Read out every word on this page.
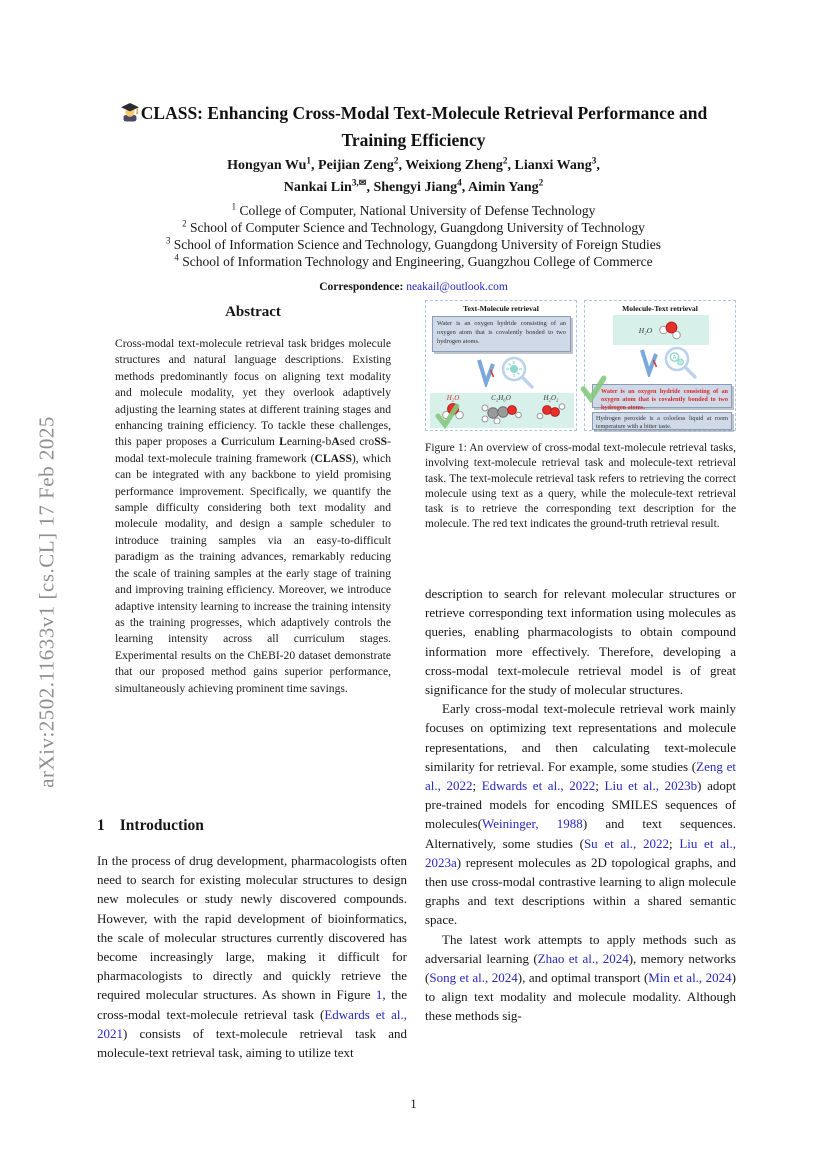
arXiv:2502.11633v1 [cs.CL] 17 Feb 2025
CLASS: Enhancing Cross-Modal Text-Molecule Retrieval Performance and Training Efficiency
Hongyan Wu$^1$, Peijian Zeng$^2$, Weixiong Zheng$^2$, Lianxi Wang$^3$,
Nankai Lin$^{3,✉}$, Shengyi Jiang$^4$, Aimin Yang$^2$
$^1$ College of Computer, National University of Defense Technology
$^2$ School of Computer Science and Technology, Guangdong University of Technology
$^3$ School of Information Science and Technology, Guangdong University of Foreign Studies
$^4$ School of Information Technology and Engineering, Guangzhou College of Commerce
Correspondence: neakail@outlook.com
Abstract
Cross-modal text-molecule retrieval task bridges molecule structures and natural language descriptions. Existing methods predominantly focus on aligning text modality and molecule modality, yet they overlook adaptively adjusting the learning states at different training stages and enhancing training efficiency. To tackle these challenges, this paper proposes a Curriculum Learning-bAsed croSS-modal text-molecule training framework (CLASS), which can be integrated with any backbone to yield promising performance improvement. Specifically, we quantify the sample difficulty considering both text modality and molecule modality, and design a sample scheduler to introduce training samples via an easy-to-difficult paradigm as the training advances, remarkably reducing the scale of training samples at the early stage of training and improving training efficiency. Moreover, we introduce adaptive intensity learning to increase the training intensity as the training progresses, which adaptively controls the learning intensity across all curriculum stages. Experimental results on the ChEBI-20 dataset demonstrate that our proposed method gains superior performance, simultaneously achieving prominent time savings.
1 Introduction

In the process of drug development, pharmacologists often need to search for existing molecular structures to design new molecules or study newly discovered compounds. However, with the rapid development of bioinformatics, the scale of molecular structures currently discovered has become increasingly large, making it difficult for pharmacologists to directly and quickly retrieve the required molecular structures. As shown in Figure 1, the cross-modal text-molecule retrieval task (Edwards et al., 2021) consists of text-molecule retrieval task and molecule-text retrieval task, aiming to utilize text

Text-Molecule retrieval
Water is an oxygen hydride consisting of an oxygen atom that is covalently bonded to two hydrogen atoms.
H₂O	C₂H₆O	H₂O₂
Molecule-Text retrieval
H₂O
A
Water is an oxygen hydride consisting of an oxygen atom that is covalently bonded to two hydrogen atoms.
Hydrogen peroxide is a colorless liquid at room temperature with a bitter taste.
Figure 1: An overview of cross-modal text-molecule retrieval tasks, involving text-molecule retrieval task and molecule-text retrieval task. The text-molecule retrieval task refers to retrieving the correct molecule using text as a query, while the molecule-text retrieval task is to retrieve the corresponding text description for the molecule. The red text indicates the ground-truth retrieval result.

description to search for relevant molecular structures or retrieve corresponding text information using molecules as queries, enabling pharmacologists to obtain compound information more effectively. Therefore, developing a cross-modal text-molecule retrieval model is of great significance for the study of molecular structures.

Early cross-modal text-molecule retrieval work mainly focuses on optimizing text representations and molecule representations, and then calculating text-molecule similarity for retrieval. For example, some studies (Zeng et al., 2022; Edwards et al., 2022; Liu et al., 2023b) adopt pre-trained models for encoding SMILES sequences of molecules(Weininger, 1988) and text sequences. Alternatively, some studies (Su et al., 2022; Liu et al., 2023a) represent molecules as 2D topological graphs, and then use cross-modal contrastive learning to align molecule graphs and text descriptions within a shared semantic space.

The latest work attempts to apply methods such as adversarial learning (Zhao et al., 2024), memory networks (Song et al., 2024), and optimal transport (Min et al., 2024) to align text modality and molecule modality. Although these methods sig-

1
